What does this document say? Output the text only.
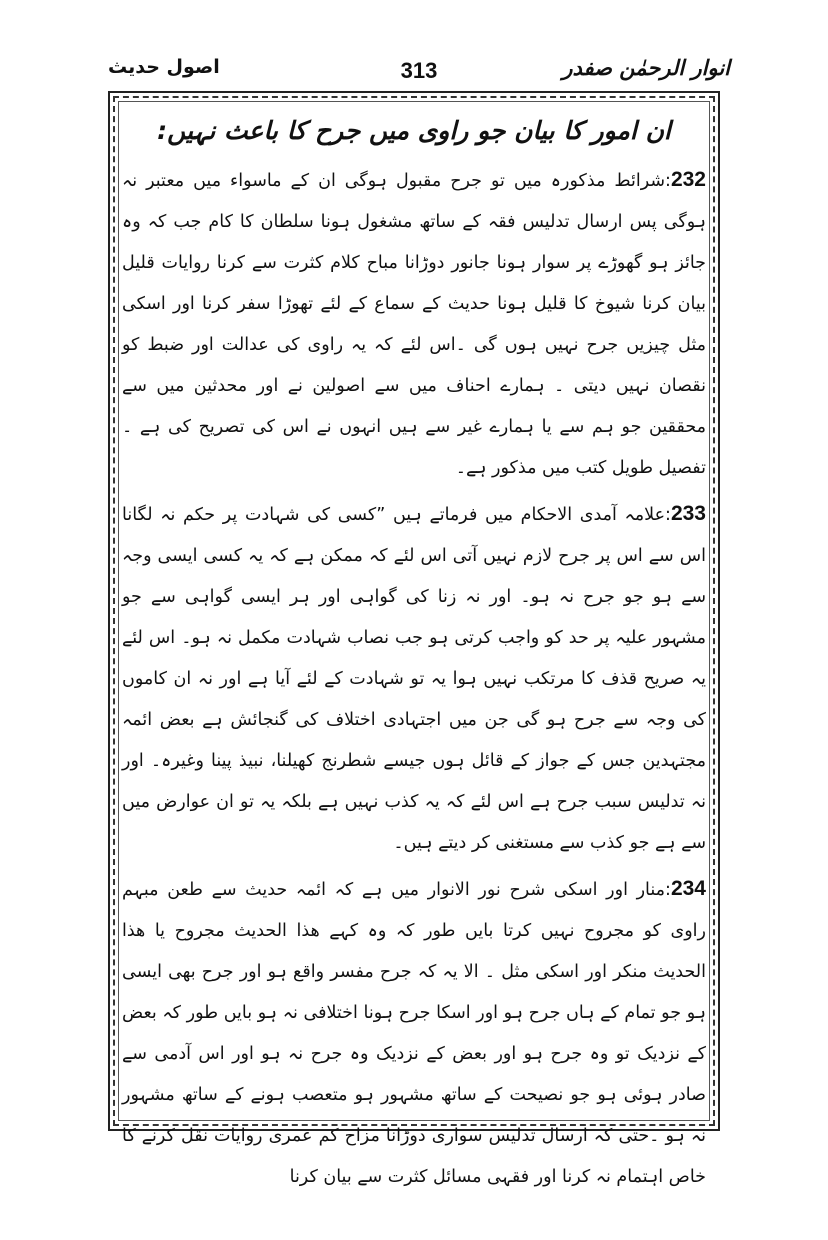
انوار الرحمٰن صفدر
313
اصول حدیث
ان امور کا بیان جو راوی میں جرح کا باعث نہیں:

232:شرائط مذکورہ میں تو جرح مقبول ہوگی ان کے ماسواء میں معتبر نہ ہوگی پس ارسال تدلیس فقہ کے ساتھ مشغول ہونا سلطان کا کام جب کہ وہ جائز ہو گھوڑے پر سوار ہونا جانور دوڑانا مباح کلام کثرت سے کرنا روایات قلیل بیان کرنا شیوخ کا قلیل ہونا حدیث کے سماع کے لئے تھوڑا سفر کرنا اور اسکی مثل چیزیں جرح نہیں ہوں گی ۔اس لئے کہ یہ راوی کی عدالت اور ضبط کو نقصان نہیں دیتی ۔ ہمارے احناف میں سے اصولین نے اور محدثین میں سے محققین جو ہم سے یا ہمارے غیر سے ہیں انہوں نے اس کی تصریح کی ہے ۔ تفصیل طویل کتب میں مذکور ہے۔

233:علامہ آمدی الاحکام میں فرماتے ہیں ”کسی کی شہادت پر حکم نہ لگانا اس سے اس پر جرح لازم نہیں آتی اس لئے کہ ممکن ہے کہ یہ کسی ایسی وجہ سے ہو جو جرح نہ ہو۔ اور نہ زنا کی گواہی اور ہر ایسی گواہی سے جو مشہور علیہ پر حد کو واجب کرتی ہو جب نصاب شہادت مکمل نہ ہو۔ اس لئے یہ صریح قذف کا مرتکب نہیں ہوا یہ تو شہادت کے لئے آیا ہے اور نہ ان کاموں کی وجہ سے جرح ہو گی جن میں اجتہادی اختلاف کی گنجائش ہے بعض ائمہ مجتہدین جس کے جواز کے قائل ہوں جیسے شطرنج کھیلنا، نبیذ پینا وغیرہ۔ اور نہ تدلیس سبب جرح ہے اس لئے کہ یہ کذب نہیں ہے بلکہ یہ تو ان عوارض میں سے ہے جو کذب سے مستغنی کر دیتے ہیں۔

234:منار اور اسکی شرح نور الانوار میں ہے کہ ائمہ حدیث سے طعن مبہم راوی کو مجروح نہیں کرتا بایں طور کہ وہ کہے ھذا الحدیث مجروح یا ھذا الحدیث منکر اور اسکی مثل ۔ الا یہ کہ جرح مفسر واقع ہو اور جرح بھی ایسی ہو جو تمام کے ہاں جرح ہو اور اسکا جرح ہونا اختلافی نہ ہو بایں طور کہ بعض کے نزدیک تو وہ جرح ہو اور بعض کے نزدیک وہ جرح نہ ہو اور اس آدمی سے صادر ہوئی ہو جو نصیحت کے ساتھ مشہور ہو متعصب ہونے کے ساتھ مشہور نہ ہو ۔حتی کہ ارسال تدلیس سواری دوڑانا مزاح کم عمری روایات نقل کرنے کا خاص اہتمام نہ کرنا اور فقہی مسائل کثرت سے بیان کرنا
